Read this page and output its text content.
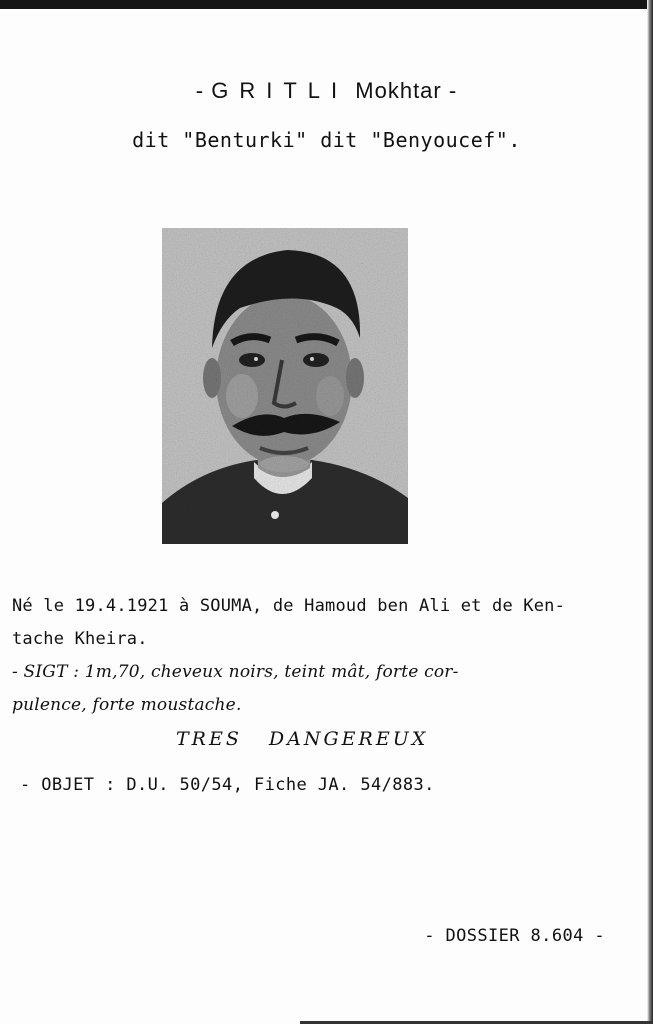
- GRITLI Mokhtar -
dit "Benturki" dit "Benyoucef".
Né le 19.4.1921 à SOUMA, de Hamoud ben Ali et de Ken-
tache Kheira.
- SIGT : 1m,70, cheveux noirs, teint mât, forte cor-
pulence, forte moustache.
TRES DANGEREUX
- OBJET : D.U. 50/54, Fiche JA. 54/883.
- DOSSIER 8.604 -
